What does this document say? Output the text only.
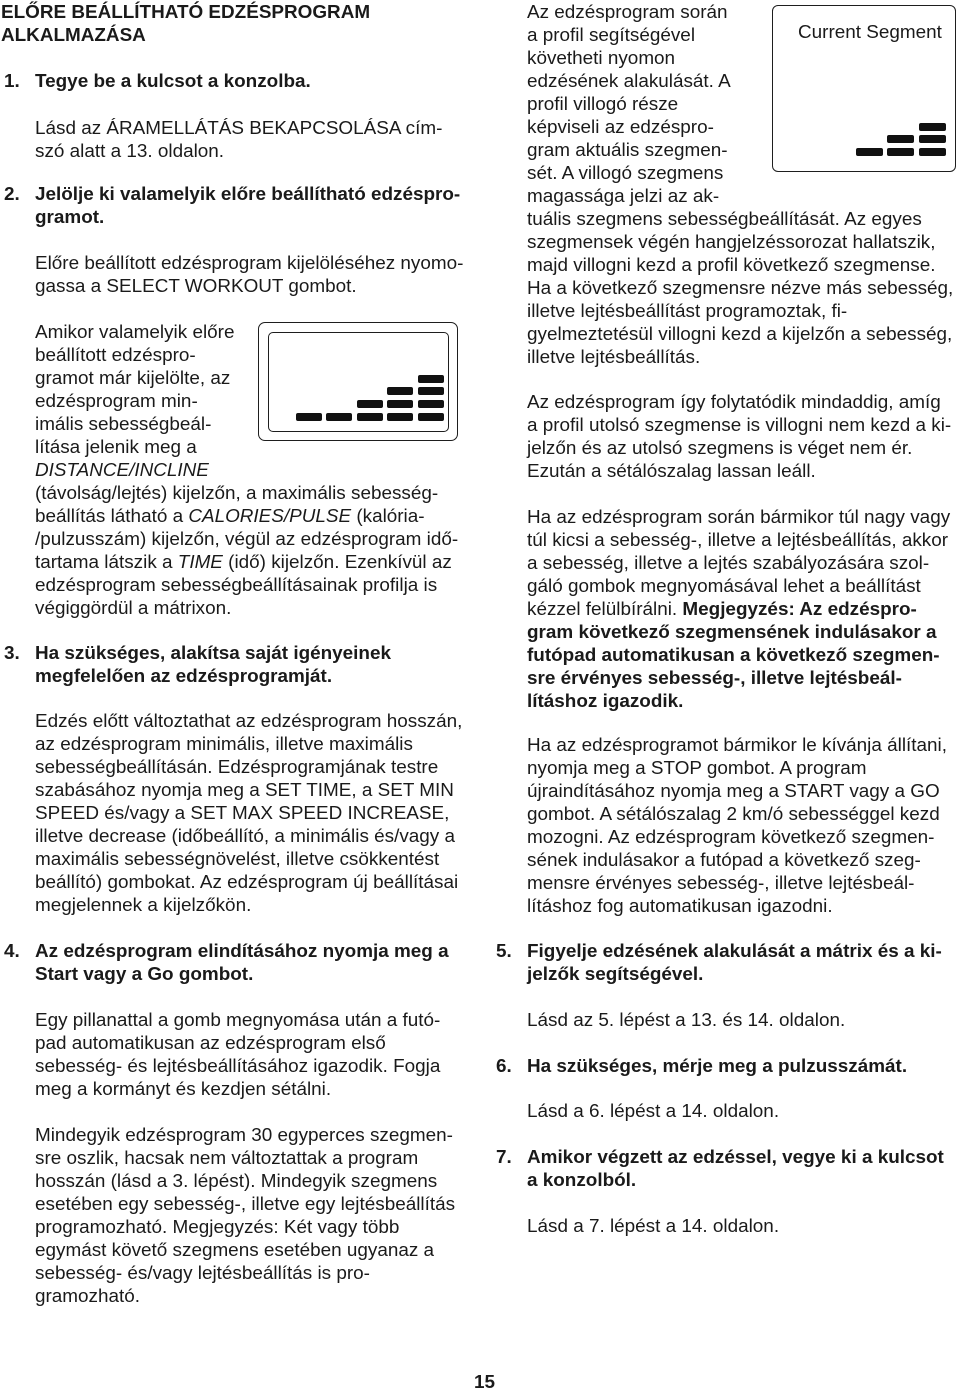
ELŐRE BEÁLLÍTHATÓ EDZÉSPROGRAM
ALKALMAZÁSA
1. Tegye be a kulcsot a konzolba.
Lásd az ÁRAMELLÁTÁS BEKAPCSOLÁSA cím-
szó alatt a 13. oldalon.
2. Jelölje ki valamelyik előre beállítható edzéspro-
gramot.
Előre beállított edzésprogram kijelöléséhez nyomo-
gassa a SELECT WORKOUT gombot.
Amikor valamelyik előre
beállított edzéspro-
gramot már kijelölte, az
edzésprogram min-
imális sebességbeál-
lítása jelenik meg a
DISTANCE/INCLINE
(távolság/lejtés) kijelzőn, a maximális sebesség-
beállítás látható a CALORIES/PULSE (kalória-
/pulzusszám) kijelzőn, végül az edzésprogram idő-
tartama látszik a TIME (idő) kijelzőn. Ezenkívül az
edzésprogram sebességbeállításainak profilja is
végiggördül a mátrixon.
3. Ha szükséges, alakítsa saját igényeinek
megfelelően az edzésprogramját.
Edzés előtt változtathat az edzésprogram hosszán,
az edzésprogram minimális, illetve maximális
sebességbeállításán. Edzésprogramjának testre
szabásához nyomja meg a SET TIME, a SET MIN
SPEED és/vagy a SET MAX SPEED INCREASE,
illetve decrease (időbeállító, a minimális és/vagy a
maximális sebességnövelést, illetve csökkentést
beállító) gombokat. Az edzésprogram új beállításai
megjelennek a kijelzőkön.
4. Az edzésprogram elindításához nyomja meg a
Start vagy a Go gombot.
Egy pillanattal a gomb megnyomása után a futó-
pad automatikusan az edzésprogram első
sebesség- és lejtésbeállításához igazodik. Fogja
meg a kormányt és kezdjen sétálni.
Mindegyik edzésprogram 30 egyperces szegmen-
sre oszlik, hacsak nem változtattak a program
hosszán (lásd a 3. lépést). Mindegyik szegmens
esetében egy sebesség-, illetve egy lejtésbeállítás
programozható. Megjegyzés: Két vagy több
egymást követő szegmens esetében ugyanaz a
sebesség- és/vagy lejtésbeállítás is pro-
gramozható.
Az edzésprogram során
a profil segítségével
követheti nyomon
edzésének alakulását. A
profil villogó része
képviseli az edzéspro-
gram aktuális szegmen-
sét. A villogó szegmens
magassága jelzi az ak-
tuális szegmens sebességbeállítását. Az egyes
szegmensek végén hangjelzéssorozat hallatszik,
majd villogni kezd a profil következő szegmense.
Ha a következő szegmensre nézve más sebesség,
illetve lejtésbeállítást programoztak, fi-
gyelmeztetésül villogni kezd a kijelzőn a sebesség,
illetve lejtésbeállítás.
Current Segment
Az edzésprogram így folytatódik mindaddig, amíg
a profil utolsó szegmense is villogni nem kezd a ki-
jelzőn és az utolsó szegmens is véget nem ér.
Ezután a sétálószalag lassan leáll.
Ha az edzésprogram során bármikor túl nagy vagy
túl kicsi a sebesség-, illetve a lejtésbeállítás, akkor
a sebesség, illetve a lejtés szabályozására szol-
gáló gombok megnyomásával lehet a beállítást
kézzel felülbírálni. Megjegyzés: Az edzéspro-
gram következő szegmensének indulásakor a
futópad automatikusan a következő szegmen-
sre érvényes sebesség-, illetve lejtésbeál-
lításhoz igazodik.
Ha az edzésprogramot bármikor le kívánja állítani,
nyomja meg a STOP gombot. A program
újraindításához nyomja meg a START vagy a GO
gombot. A sétálószalag 2 km/ó sebességgel kezd
mozogni. Az edzésprogram következő szegmen-
sének indulásakor a futópad a következő szeg-
mensre érvényes sebesség-, illetve lejtésbeál-
lításhoz fog automatikusan igazodni.
5. Figyelje edzésének alakulását a mátrix és a ki-
jelzők segítségével.
Lásd az 5. lépést a 13. és 14. oldalon.
6. Ha szükséges, mérje meg a pulzusszámát.
Lásd a 6. lépést a 14. oldalon.
7. Amikor végzett az edzéssel, vegye ki a kulcsot
a konzolból.
Lásd a 7. lépést a 14. oldalon.
15
